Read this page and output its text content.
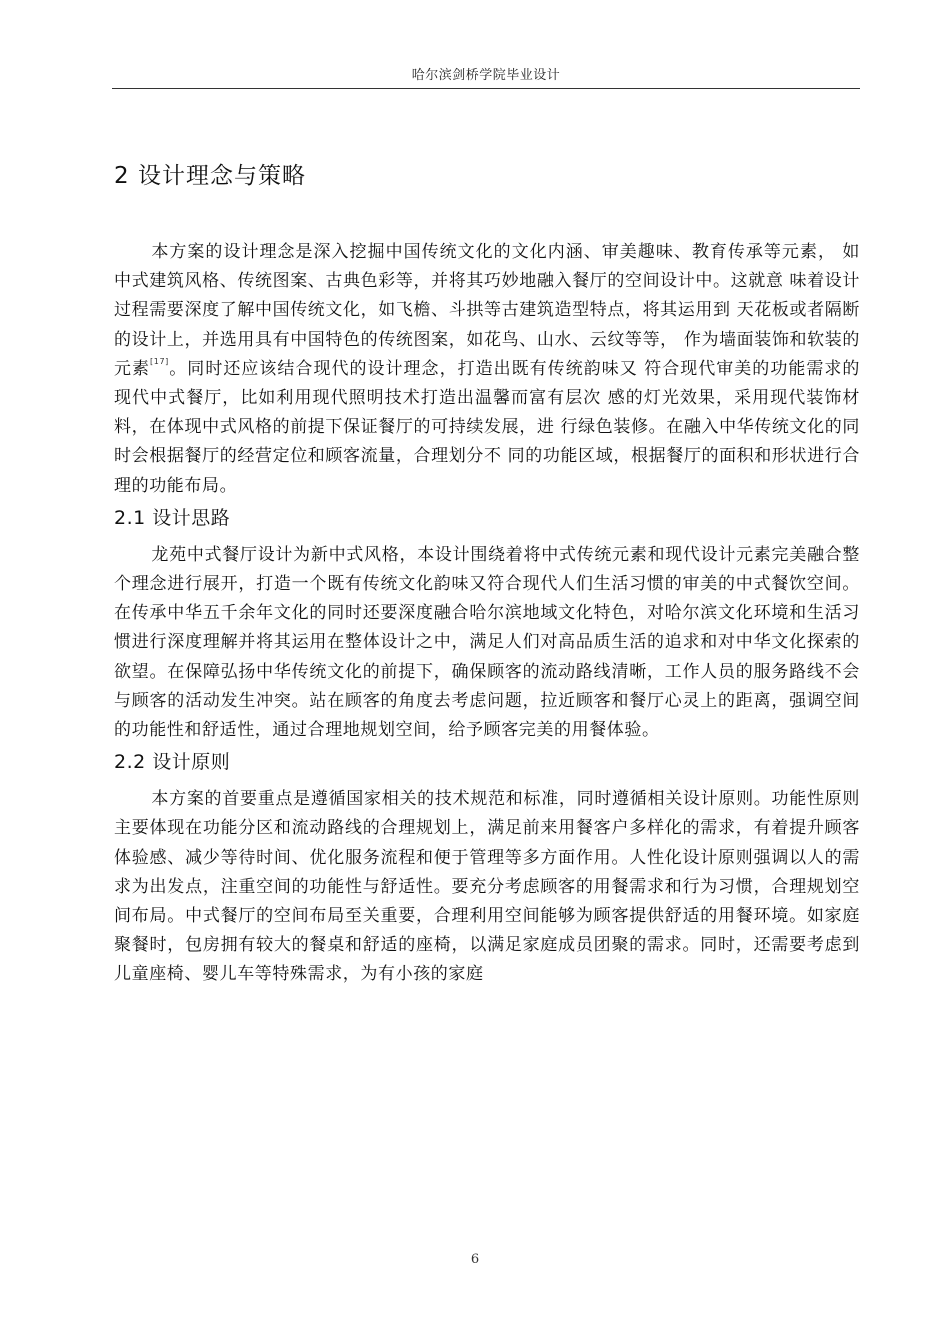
哈尔滨剑桥学院毕业设计
2 设计理念与策略

本方案的设计理念是深入挖掘中国传统文化的文化内涵、审美趣味、教育传承等元素， 如中式建筑风格、传统图案、古典色彩等，并将其巧妙地融入餐厅的空间设计中。这就意 味着设计过程需要深度了解中国传统文化，如飞檐、斗拱等古建筑造型特点，将其运用到 天花板或者隔断的设计上，并选用具有中国特色的传统图案，如花鸟、山水、云纹等等， 作为墙面装饰和软装的元素[17]。同时还应该结合现代的设计理念，打造出既有传统韵味又 符合现代审美的功能需求的现代中式餐厅，比如利用现代照明技术打造出温馨而富有层次 感的灯光效果，采用现代装饰材料，在体现中式风格的前提下保证餐厅的可持续发展，进 行绿色装修。在融入中华传统文化的同时会根据餐厅的经营定位和顾客流量，合理划分不 同的功能区域，根据餐厅的面积和形状进行合理的功能布局。

2.1 设计思路

龙苑中式餐厅设计为新中式风格，本设计围绕着将中式传统元素和现代设计元素完美融合整个理念进行展开，打造一个既有传统文化韵味又符合现代人们生活习惯的审美的中式餐饮空间。在传承中华五千余年文化的同时还要深度融合哈尔滨地域文化特色，对哈尔滨文化环境和生活习惯进行深度理解并将其运用在整体设计之中，满足人们对高品质生活的追求和对中华文化探索的欲望。在保障弘扬中华传统文化的前提下，确保顾客的流动路线清晰，工作人员的服务路线不会与顾客的活动发生冲突。站在顾客的角度去考虑问题，拉近顾客和餐厅心灵上的距离，强调空间的功能性和舒适性，通过合理地规划空间，给予顾客完美的用餐体验。

2.2 设计原则

本方案的首要重点是遵循国家相关的技术规范和标准，同时遵循相关设计原则。功能性原则主要体现在功能分区和流动路线的合理规划上，满足前来用餐客户多样化的需求，有着提升顾客体验感、减少等待时间、优化服务流程和便于管理等多方面作用。人性化设计原则强调以人的需求为出发点，注重空间的功能性与舒适性。要充分考虑顾客的用餐需求和行为习惯，合理规划空间布局。中式餐厅的空间布局至关重要，合理利用空间能够为顾客提供舒适的用餐环境。如家庭聚餐时，包房拥有较大的餐桌和舒适的座椅，以满足家庭成员团聚的需求。同时，还需要考虑到儿童座椅、婴儿车等特殊需求，为有小孩的家庭

6
